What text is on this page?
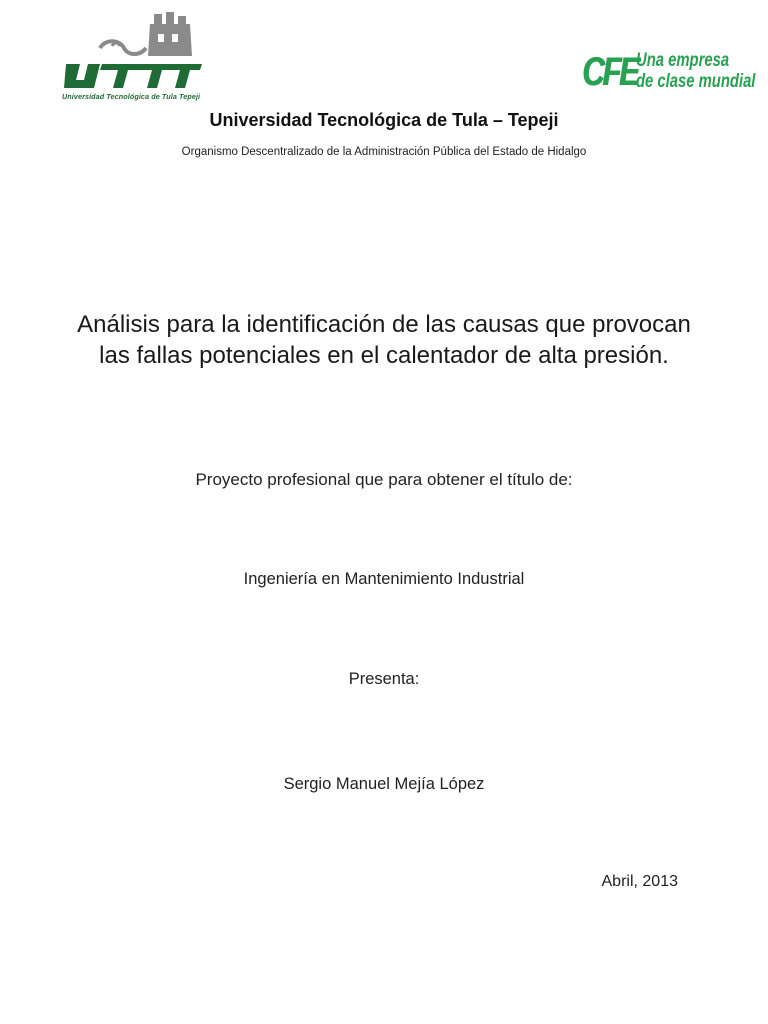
Universidad Tecnológica de Tula Tepeji
CFE
Una empresa
de clase mundial
Universidad Tecnológica de Tula – Tepeji
Organismo Descentralizado de la Administración Pública del Estado de Hidalgo
Análisis para la identificación de las causas que provocan
las fallas potenciales en el calentador de alta presión.
Proyecto profesional que para obtener el título de:
Ingeniería en Mantenimiento Industrial
Presenta:
Sergio Manuel Mejía López
Abril, 2013
